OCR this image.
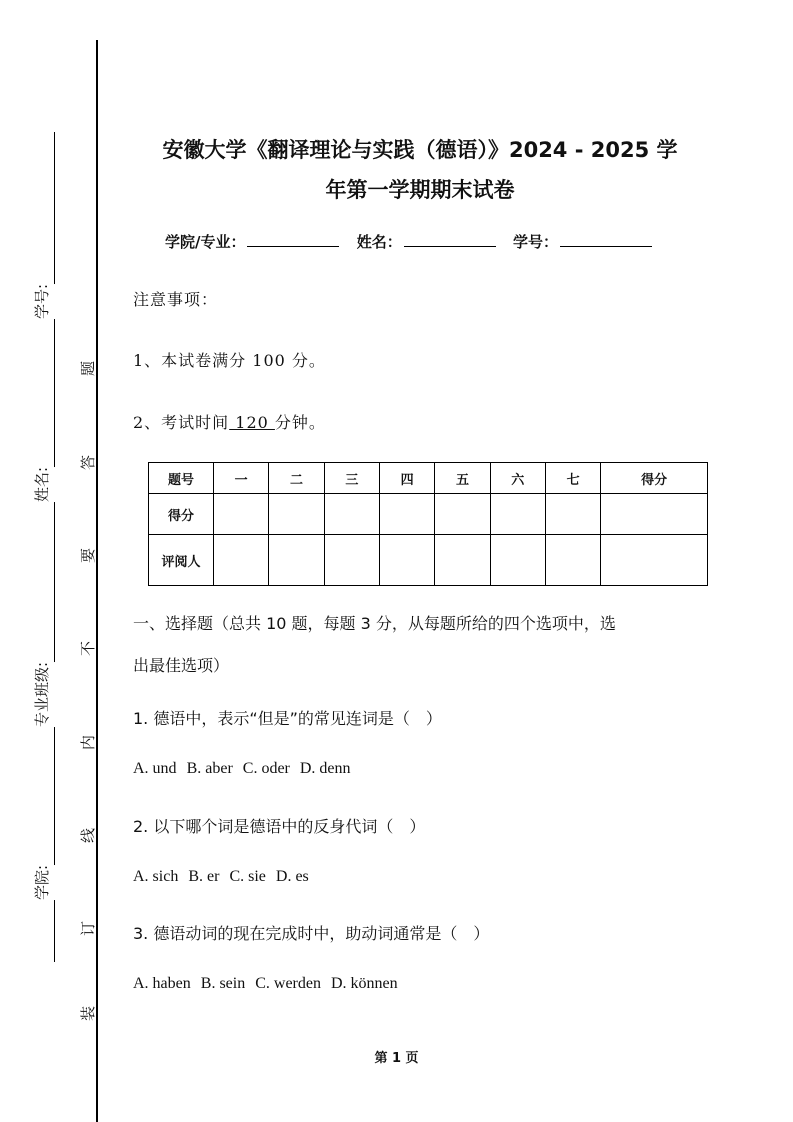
学号:
姓名:
专业班级:
学院:
题
答
要
不
内
线
订
装
安徽大学《翻译理论与实践（德语）》2024 - 2025 学
年第一学期期末试卷
学院/专业：	姓名：	学号：
注意事项：
1、本试卷满分 100 分。
2、考试时间 120 分钟。
题号	一	二	三	四	五	六	七	得分
得分								
评阅人								
一、选择题（总共 10 题，每题 3 分，从每题所给的四个选项中，选
出最佳选项）
1. 德语中，表示“但是”的常见连词是（　）
A. und B. aber C. oder D. denn
2. 以下哪个词是德语中的反身代词（　）
A. sich B. er C. sie D. es
3. 德语动词的现在完成时中，助动词通常是（　）
A. haben B. sein C. werden D. können
第 1 页
